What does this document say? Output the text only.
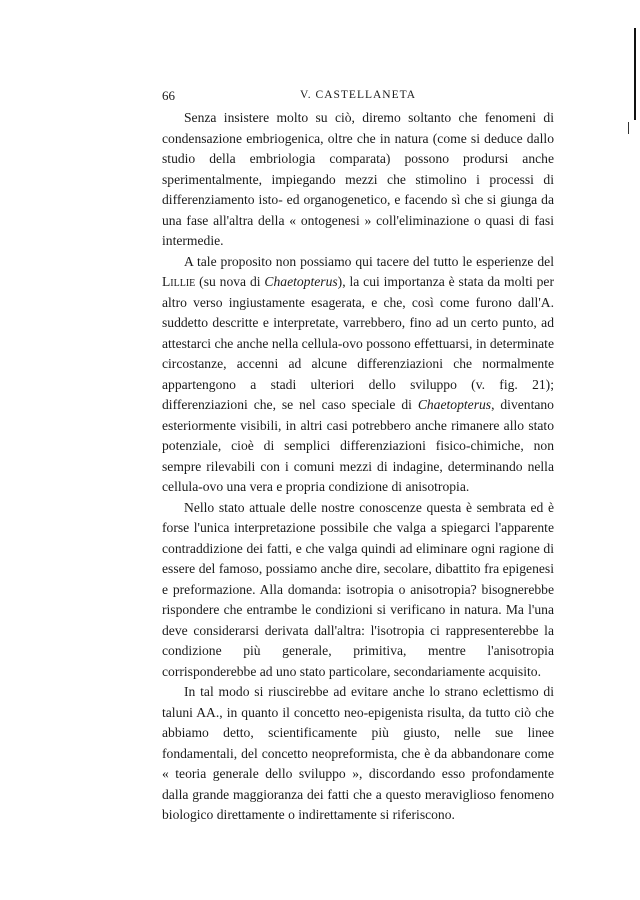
66	V. CASTELLANETA

Senza insistere molto su ciò, diremo soltanto che fenomeni di condensazione embriogenica, oltre che in natura (come si deduce dallo studio della embriologia comparata) possono prodursi anche sperimentalmente, impiegando mezzi che stimolino i processi di differenziamento isto- ed organogenetico, e facendo sì che si giunga da una fase all'altra della « ontogenesi » coll'eliminazione o quasi di fasi intermedie.

A tale proposito non possiamo qui tacere del tutto le esperienze del Lillie (su nova di Chaetopterus), la cui importanza è stata da molti per altro verso ingiustamente esagerata, e che, così come furono dall'A. suddetto descritte e interpretate, varrebbero, fino ad un certo punto, ad attestarci che anche nella cellula-ovo possono effettuarsi, in determinate circostanze, accenni ad alcune differenziazioni che normalmente appartengono a stadi ulteriori dello sviluppo (v. fig. 21); differenziazioni che, se nel caso speciale di Chaetopterus, diventano esteriormente visibili, in altri casi potrebbero anche rimanere allo stato potenziale, cioè di semplici differenziazioni fisico-chimiche, non sempre rilevabili con i comuni mezzi di indagine, determinando nella cellula-ovo una vera e propria condizione di anisotropia.

Nello stato attuale delle nostre conoscenze questa è sembrata ed è forse l'unica interpretazione possibile che valga a spiegarci l'apparente contraddizione dei fatti, e che valga quindi ad eliminare ogni ragione di essere del famoso, possiamo anche dire, secolare, dibattito fra epigenesi e preformazione. Alla domanda: isotropia o anisotropia? bisognerebbe rispondere che entrambe le condizioni si verificano in natura. Ma l'una deve considerarsi derivata dall'altra: l'isotropia ci rappresenterebbe la condizione più generale, primitiva, mentre l'anisotropia corrisponderebbe ad uno stato particolare, secondariamente acquisito.

In tal modo si riuscirebbe ad evitare anche lo strano eclettismo di taluni AA., in quanto il concetto neo-epigenista risulta, da tutto ciò che abbiamo detto, scientificamente più giusto, nelle sue linee fondamentali, del concetto neopreformista, che è da abbandonare come « teoria generale dello sviluppo », discordando esso profondamente dalla grande maggioranza dei fatti che a questo meraviglioso fenomeno biologico direttamente o indirettamente si riferiscono.
